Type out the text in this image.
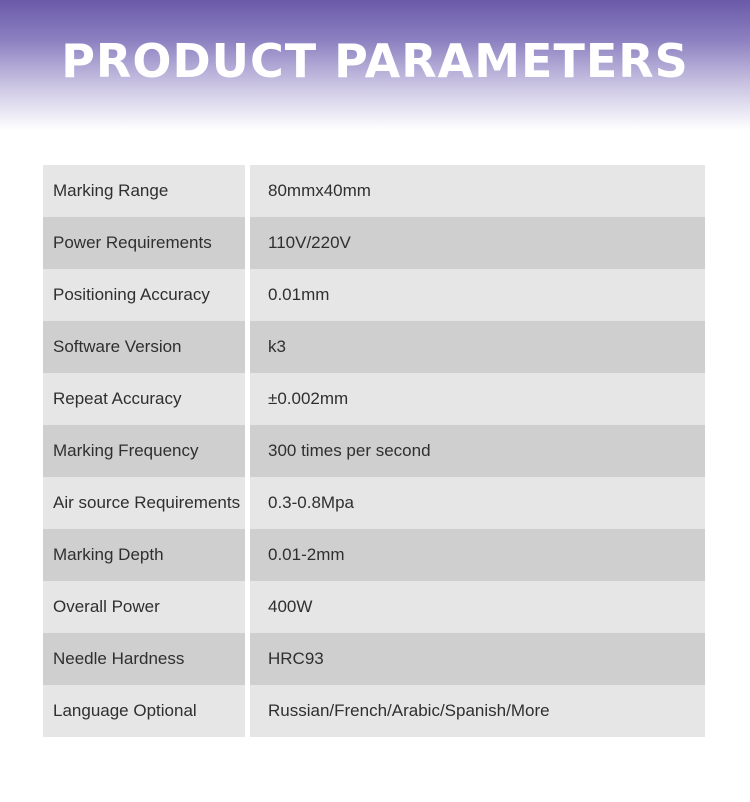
PRODUCT PARAMETERS
Marking Range	80mmx40mm
Power Requirements	110V/220V
Positioning Accuracy	0.01mm
Software Version	k3
Repeat Accuracy	±0.002mm
Marking Frequency	300 times per second
Air source Requirements	0.3-0.8Mpa
Marking Depth	0.01-2mm
Overall Power	400W
Needle Hardness	HRC93
Language Optional	Russian/French/Arabic/Spanish/More
